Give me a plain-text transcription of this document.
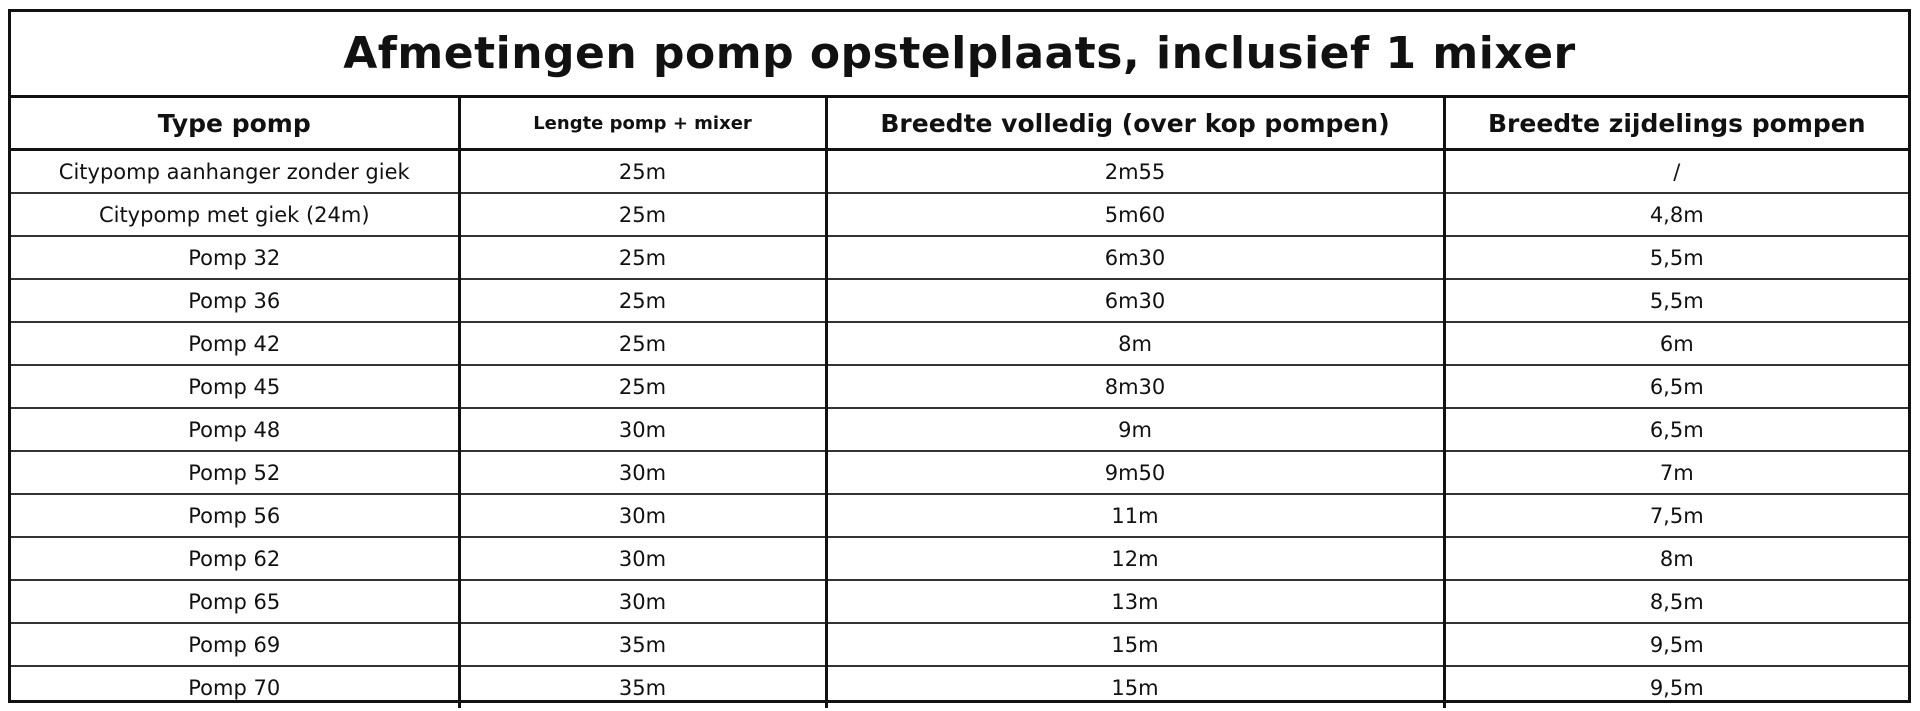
Afmetingen pomp opstelplaats, inclusief 1 mixer
Type pomp	Lengte pomp + mixer	Breedte volledig (over kop pompen)	Breedte zijdelings pompen
Citypomp aanhanger zonder giek	25m	2m55	/
Citypomp met giek (24m)	25m	5m60	4,8m
Pomp 32	25m	6m30	5,5m
Pomp 36	25m	6m30	5,5m
Pomp 42	25m	8m	6m
Pomp 45	25m	8m30	6,5m
Pomp 48	30m	9m	6,5m
Pomp 52	30m	9m50	7m
Pomp 56	30m	11m	7,5m
Pomp 62	30m	12m	8m
Pomp 65	30m	13m	8,5m
Pomp 69	35m	15m	9,5m
Pomp 70	35m	15m	9,5m
